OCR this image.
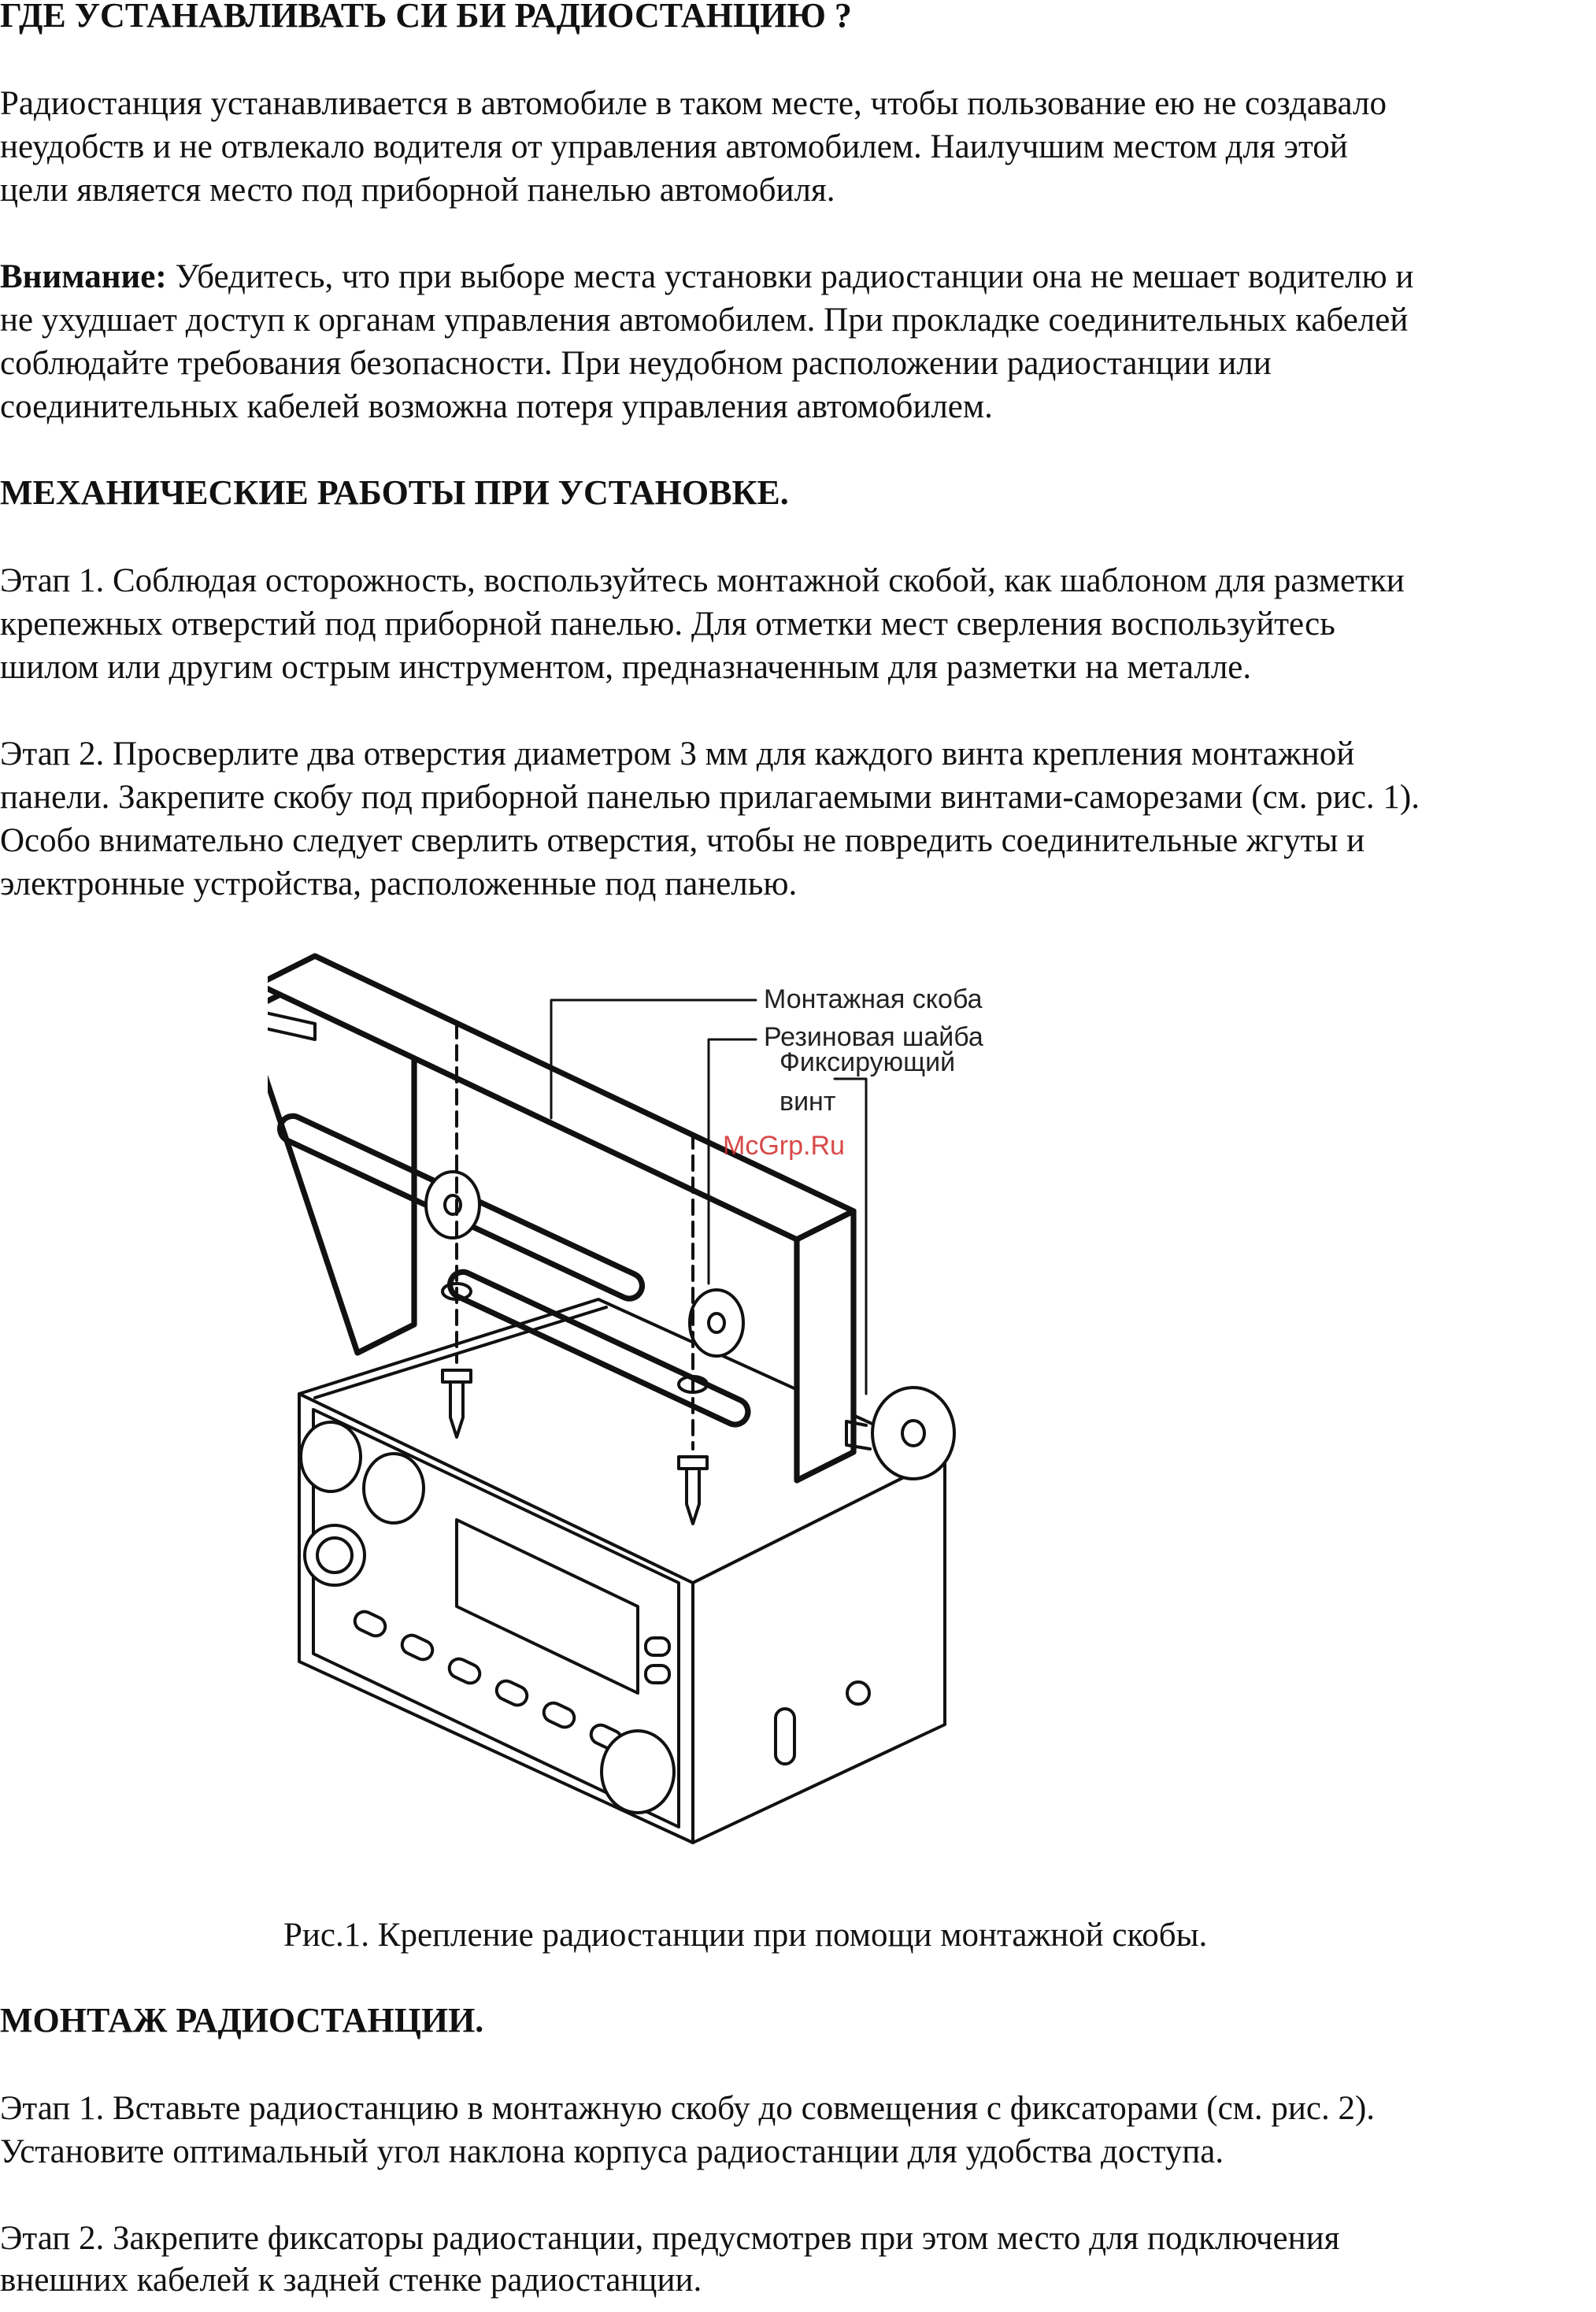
ГДЕ УСТАНАВЛИВАТЬ СИ БИ РАДИОСТАНЦИЮ ?

Радиостанция устанавливается в автомобиле в таком месте, чтобы пользование ею не создавало

неудобств и не отвлекало водителя от управления автомобилем. Наилучшим местом для этой

цели является место под приборной панелью автомобиля.

Внимание: Убедитесь, что при выборе места установки радиостанции она не мешает водителю и

не ухудшает доступ к органам управления автомобилем. При прокладке соединительных кабелей

соблюдайте требования безопасности. При неудобном расположении радиостанции или

соединительных кабелей возможна потеря управления автомобилем.

МЕХАНИЧЕСКИЕ РАБОТЫ ПРИ УСТАНОВКЕ.

Этап 1. Соблюдая осторожность, воспользуйтесь монтажной скобой, как шаблоном для разметки

крепежных отверстий под приборной панелью. Для отметки мест сверления воспользуйтесь

шилом или другим острым инструментом, предназначенным для разметки на металле.

Этап 2. Просверлите два отверстия диаметром 3 мм для каждого винта крепления монтажной

панели. Закрепите скобу под приборной панелью прилагаемыми винтами-саморезами (см. рис. 1).

Особо внимательно следует сверлить отверстия, чтобы не повредить соединительные жгуты и

электронные устройства, расположенные под панелью.

Монтажная скоба
Резиновая шайба
Фиксирующий
винт
McGrp.Ru

Рис.1. Крепление радиостанции при помощи монтажной скобы.

МОНТАЖ РАДИОСТАНЦИИ.

Этап 1. Вставьте радиостанцию в монтажную скобу до совмещения с фиксаторами (см. рис. 2).

Установите оптимальный угол наклона корпуса радиостанции для удобства доступа.

Этап 2. Закрепите фиксаторы радиостанции, предусмотрев при этом место для подключения

внешних кабелей к задней стенке радиостанции.
